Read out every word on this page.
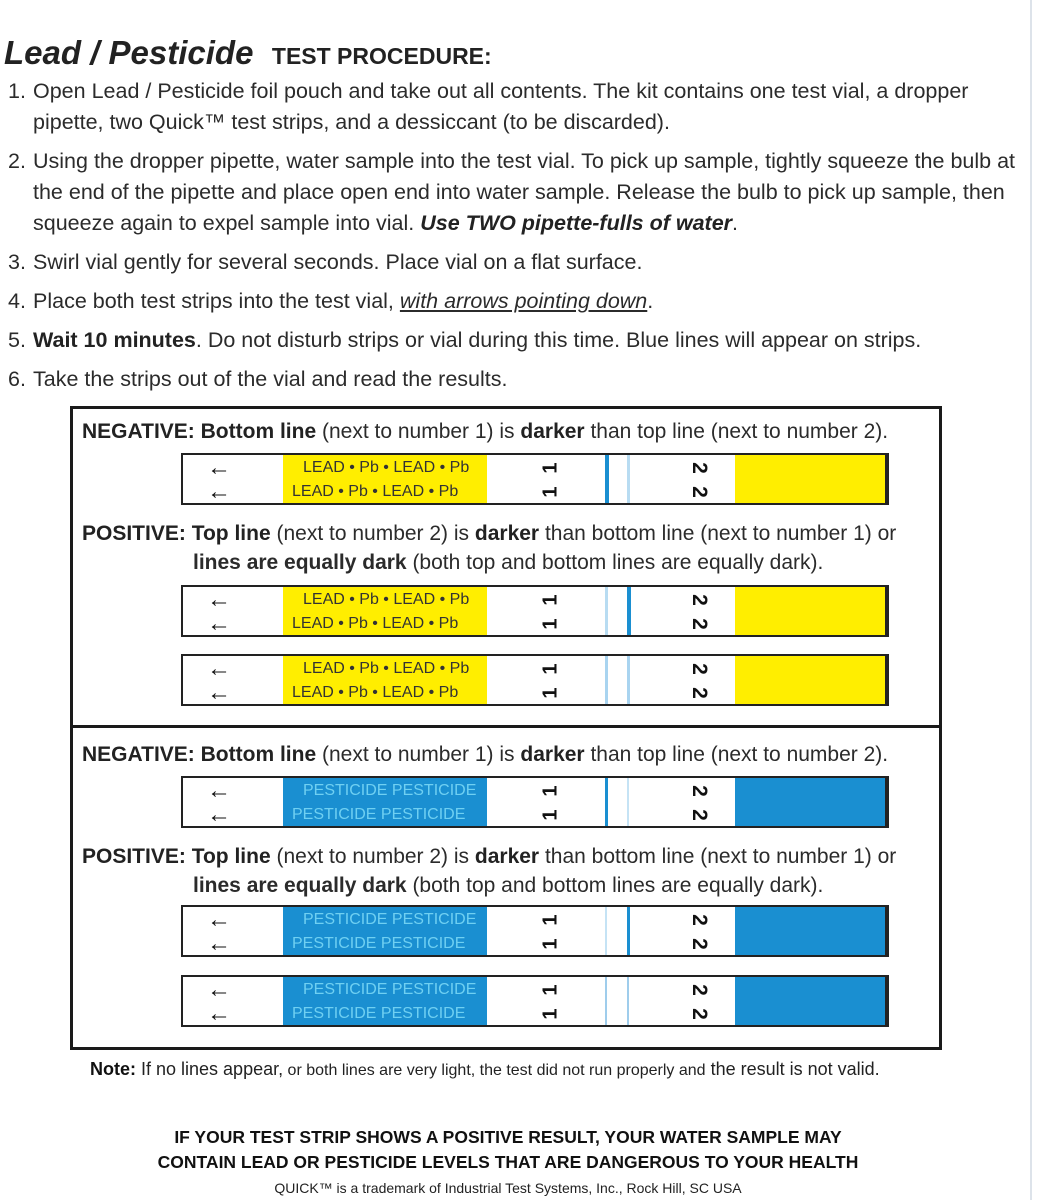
Lead / Pesticide TEST PROCEDURE:
1. Open Lead / Pesticide foil pouch and take out all contents. The kit contains one test vial, a dropper pipette, two Quick™ test strips, and a dessiccant (to be discarded).
2. Using the dropper pipette, water sample into the test vial. To pick up sample, tightly squeeze the bulb at the end of the pipette and place open end into water sample. Release the bulb to pick up sample, then squeeze again to expel sample into vial. Use TWO pipette-fulls of water.
3. Swirl vial gently for several seconds. Place vial on a flat surface.
4. Place both test strips into the test vial, with arrows pointing down.
5. Wait 10 minutes. Do not disturb strips or vial during this time. Blue lines will appear on strips.
6. Take the strips out of the vial and read the results.
NEGATIVE: Bottom line (next to number 1) is darker than top line (next to number 2).
←
←
LEAD • Pb • LEAD • Pb
LEAD • Pb • LEAD • Pb
1
1
2
2
POSITIVE: Top line (next to number 2) is darker than bottom line (next to number 1) or
lines are equally dark (both top and bottom lines are equally dark).
←
←
LEAD • Pb • LEAD • Pb
LEAD • Pb • LEAD • Pb
1
1
2
2
←
←
LEAD • Pb • LEAD • Pb
LEAD • Pb • LEAD • Pb
1
1
2
2
NEGATIVE: Bottom line (next to number 1) is darker than top line (next to number 2).
←
←
PESTICIDE PESTICIDE
PESTICIDE PESTICIDE
1
1
2
2
POSITIVE: Top line (next to number 2) is darker than bottom line (next to number 1) or
lines are equally dark (both top and bottom lines are equally dark).
←
←
PESTICIDE PESTICIDE
PESTICIDE PESTICIDE
1
1
2
2
←
←
PESTICIDE PESTICIDE
PESTICIDE PESTICIDE
1
1
2
2
Note: If no lines appear, or both lines are very light, the test did not run properly and the result is not valid.
IF YOUR TEST STRIP SHOWS A POSITIVE RESULT, YOUR WATER SAMPLE MAY
CONTAIN LEAD OR PESTICIDE LEVELS THAT ARE DANGEROUS TO YOUR HEALTH
QUICK™ is a trademark of Industrial Test Systems, Inc., Rock Hill, SC USA
